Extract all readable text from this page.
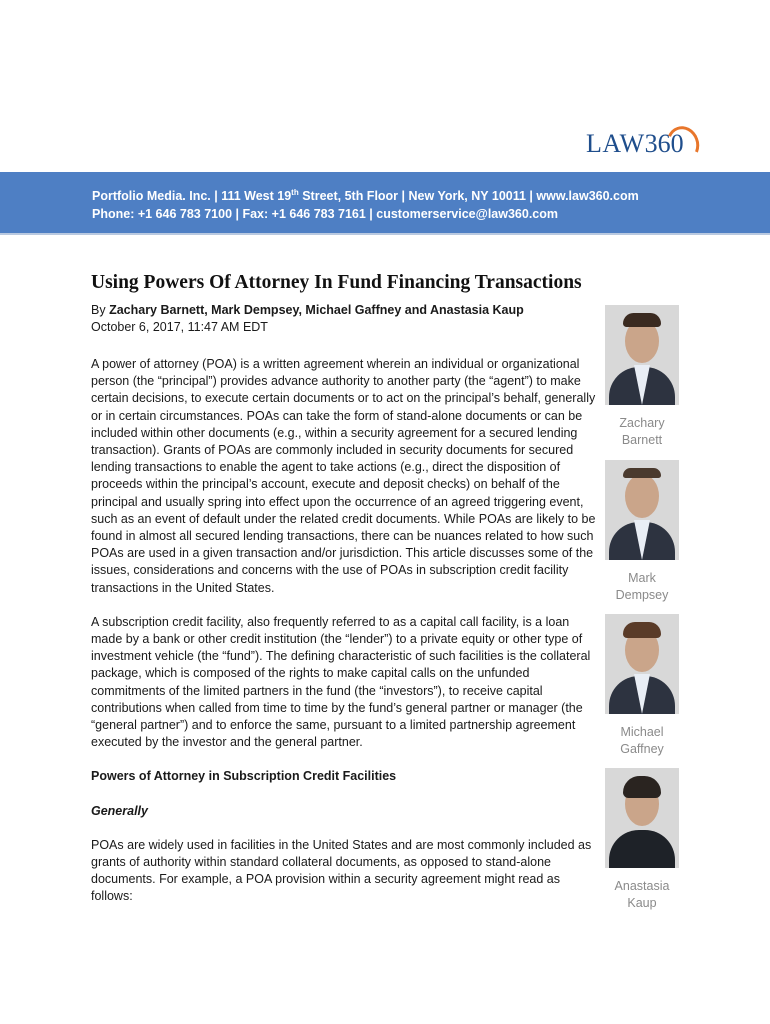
LAW 360
Portfolio Media. Inc. | 111 West 19th Street, 5th Floor | New York, NY 10011 | www.law360.com
Phone: +1 646 783 7100 | Fax: +1 646 783 7161 | customerservice@law360.com
Using Powers Of Attorney In Fund Financing Transactions
By Zachary Barnett, Mark Dempsey, Michael Gaffney and Anastasia Kaup
October 6, 2017, 11:47 AM EDT

A power of attorney (POA) is a written agreement wherein an individual or organizational person (the “principal”) provides advance authority to another party (the “agent”) to make certain decisions, to execute certain documents or to act on the principal’s behalf, generally or in certain circumstances. POAs can take the form of stand-alone documents or can be included within other documents (e.g., within a security agreement for a secured lending transaction). Grants of POAs are commonly included in security documents for secured lending transactions to enable the agent to take actions (e.g., direct the disposition of proceeds within the principal’s account, execute and deposit checks) on behalf of the principal and usually spring into effect upon the occurrence of an agreed triggering event, such as an event of default under the related credit documents. While POAs are likely to be found in almost all secured lending transactions, there can be nuances related to how such POAs are used in a given transaction and/or jurisdiction. This article discusses some of the issues, considerations and concerns with the use of POAs in subscription credit facility transactions in the United States.

A subscription credit facility, also frequently referred to as a capital call facility, is a loan made by a bank or other credit institution (the “lender”) to a private equity or other type of investment vehicle (the “fund”). The defining characteristic of such facilities is the collateral package, which is composed of the rights to make capital calls on the unfunded commitments of the limited partners in the fund (the “investors”), to receive capital contributions when called from time to time by the fund’s general partner or manager (the “general partner”) and to enforce the same, pursuant to a limited partnership agreement executed by the investor and the general partner.

Powers of Attorney in Subscription Credit Facilities

Generally

POAs are widely used in facilities in the United States and are most commonly included as grants of authority within standard collateral documents, as opposed to stand-alone documents. For example, a POA provision within a security agreement might read as follows:

Zachary
Barnett
Mark
Dempsey
Michael
Gaffney
Anastasia
Kaup
